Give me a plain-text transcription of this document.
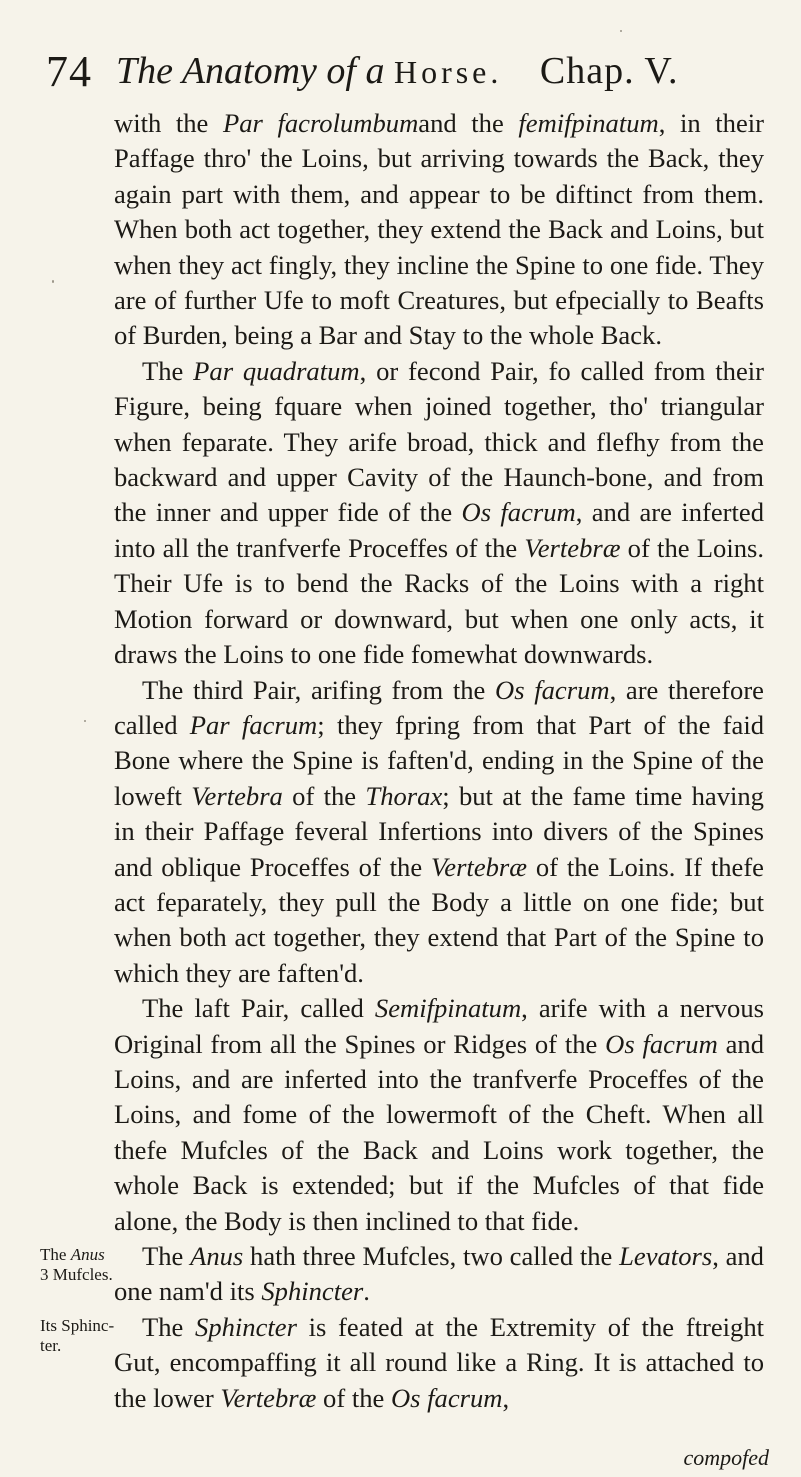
74 The Anatomy of a Horse. Chap. V.

with the Par facrolumbumand the femifpinatum, in their Paffage thro' the Loins, but arriving towards the Back, they again part with them, and appear to be diftinct from them. When both act together, they extend the Back and Loins, but when they act fingly, they incline the Spine to one fide. They are of further Ufe to moft Creatures, but efpecially to Beafts of Burden, being a Bar and Stay to the whole Back.

The Par quadratum, or fecond Pair, fo called from their Figure, being fquare when joined together, tho' triangular when feparate. They arife broad, thick and flefhy from the backward and upper Cavity of the Haunch-bone, and from the inner and upper fide of the Os facrum, and are inferted into all the tranfverfe Proceffes of the Vertebræ of the Loins. Their Ufe is to bend the Racks of the Loins with a right Motion forward or downward, but when one only acts, it draws the Loins to one fide fomewhat downwards.

The third Pair, arifing from the Os facrum, are therefore called Par facrum; they fpring from that Part of the faid Bone where the Spine is faften'd, ending in the Spine of the loweft Vertebra of the Thorax; but at the fame time having in their Paffage feveral Infertions into divers of the Spines and oblique Proceffes of the Vertebræ of the Loins. If thefe act feparately, they pull the Body a little on one fide; but when both act together, they extend that Part of the Spine to which they are faften'd.

The laft Pair, called Semifpinatum, arife with a nervous Original from all the Spines or Ridges of the Os facrum and Loins, and are inferted into the tranfverfe Proceffes of the Loins, and fome of the lowermoft of the Cheft. When all thefe Mufcles of the Back and Loins work together, the whole Back is extended; but if the Mufcles of that fide alone, the Body is then inclined to that fide.

The Anus hath three Mufcles, two called the Levators, and one nam'd its Sphincter.

The Sphincter is feated at the Extremity of the ftreight Gut, encompaffing it all round like a Ring. It is attached to the lower Vertebræ of the Os facrum,

The Anus
3 Mufcles.
compofed
Its Sphinc-
ter.
